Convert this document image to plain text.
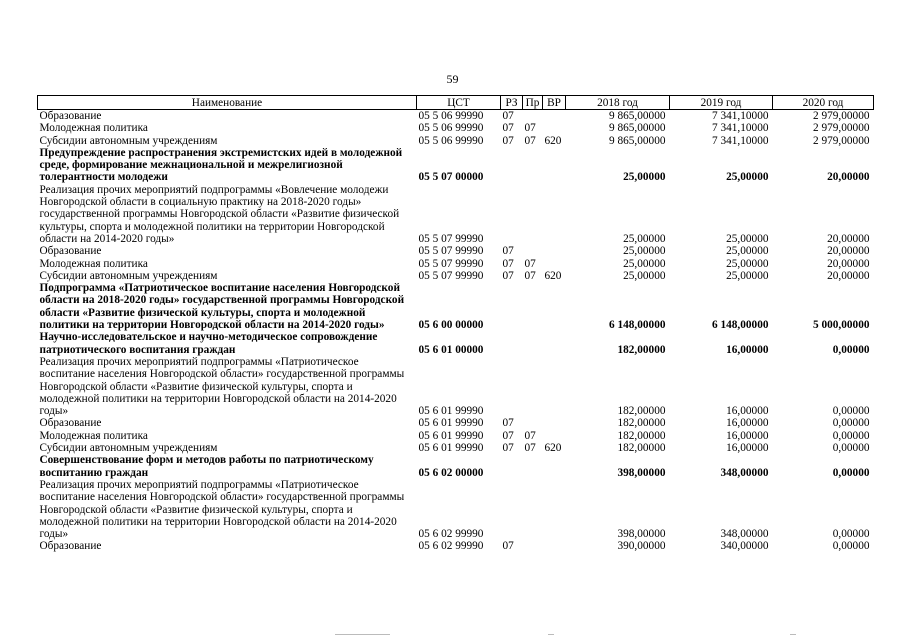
59
Наименование	ЦСТ	РЗ	Пр	ВР	2018 год	2019 год	2020 год
Образование	05 5 06 99990	07			9 865,00000	7 341,10000	2 979,00000
Молодежная политика	05 5 06 99990	07	07		9 865,00000	7 341,10000	2 979,00000
Субсидии автономным учреждениям	05 5 06 99990	07	07	620	9 865,00000	7 341,10000	2 979,00000
Предупреждение распространения экстремистских идей в молодежной среде, формирование межнациональной и межрелигиозной толерантности молодежи	05 5 07 00000				25,00000	25,00000	20,00000
Реализация прочих мероприятий подпрограммы «Вовлечение молодежи Новгородской области в социальную практику на 2018-2020 годы» государственной программы Новгородской области «Развитие физической культуры, спорта и молодежной политики на территории Новгородской области на 2014-2020 годы»	05 5 07 99990				25,00000	25,00000	20,00000
Образование	05 5 07 99990	07			25,00000	25,00000	20,00000
Молодежная политика	05 5 07 99990	07	07		25,00000	25,00000	20,00000
Субсидии автономным учреждениям	05 5 07 99990	07	07	620	25,00000	25,00000	20,00000
Подпрограмма «Патриотическое воспитание населения Новгородской области на 2018-2020 годы» государственной программы Новгородской области «Развитие физической культуры, спорта и молодежной политики на территории Новгородской области на 2014-2020 годы»	05 6 00 00000				6 148,00000	6 148,00000	5 000,00000
Научно-исследовательское и научно-методическое сопровождение патриотического воспитания граждан	05 6 01 00000				182,00000	16,00000	0,00000
Реализация прочих мероприятий подпрограммы «Патриотическое воспитание населения Новгородской области» государственной программы Новгородской области «Развитие физической культуры, спорта и молодежной политики на территории Новгородской области на 2014-2020 годы»	05 6 01 99990				182,00000	16,00000	0,00000
Образование	05 6 01 99990	07			182,00000	16,00000	0,00000
Молодежная политика	05 6 01 99990	07	07		182,00000	16,00000	0,00000
Субсидии автономным учреждениям	05 6 01 99990	07	07	620	182,00000	16,00000	0,00000
Совершенствование форм и методов работы по патриотическому воспитанию граждан	05 6 02 00000				398,00000	348,00000	0,00000
Реализация прочих мероприятий подпрограммы «Патриотическое воспитание населения Новгородской области» государственной программы Новгородской области «Развитие физической культуры, спорта и молодежной политики на территории Новгородской области на 2014-2020 годы»	05 6 02 99990				398,00000	348,00000	0,00000
Образование	05 6 02 99990	07			390,00000	340,00000	0,00000
